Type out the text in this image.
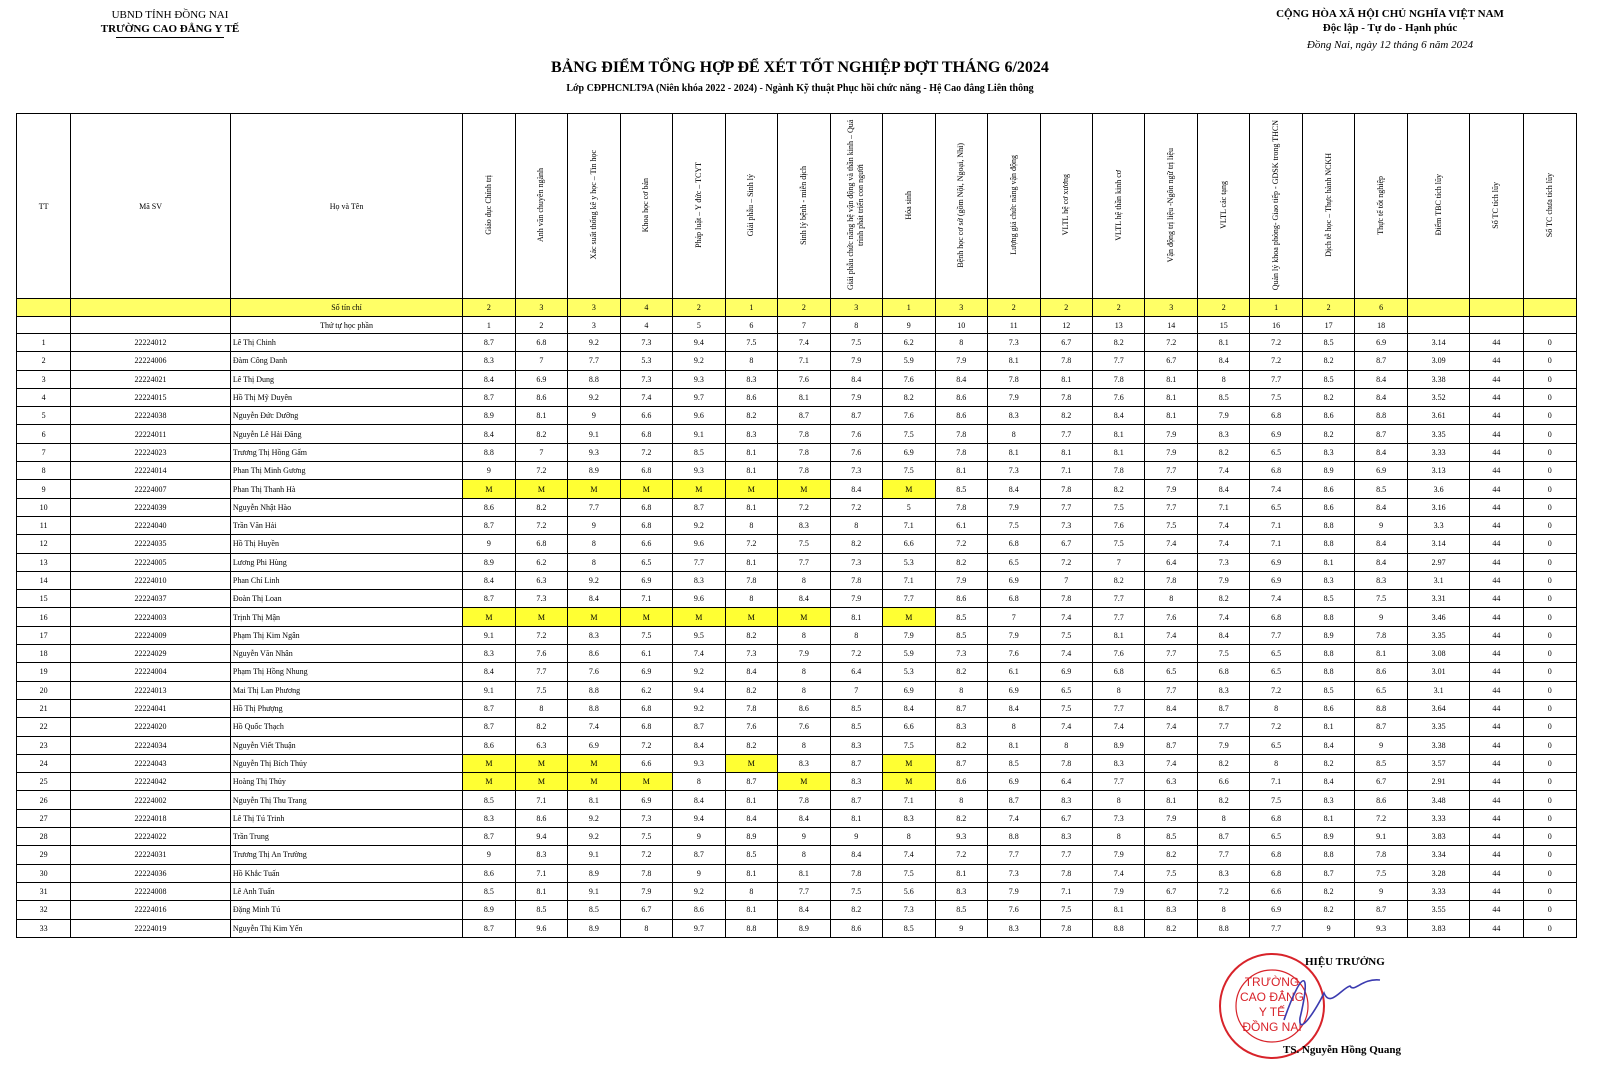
UBND TỈNH ĐỒNG NAI
TRƯỜNG CAO ĐẲNG Y TẾ
CỘNG HÒA XÃ HỘI CHỦ NGHĨA VIỆT NAM
Độc lập - Tự do - Hạnh phúc
Đồng Nai, ngày 12 tháng 6 năm 2024
BẢNG ĐIỂM TỔNG HỢP ĐỂ XÉT TỐT NGHIỆP ĐỢT THÁNG 6/2024
Lớp CĐPHCNLT9A (Niên khóa 2022 - 2024) - Ngành Kỹ thuật Phục hồi chức năng - Hệ Cao đẳng Liên thông
TT	Mã SV	Họ và Tên	Giáo dục Chính trị	Anh văn chuyên ngành	Xác suất thống kê y học – Tin học	Khoa học cơ bản	Pháp luật – Y đức – TCYT	Giải phẫu – Sinh lý	Sinh lý bệnh - miễn dịch	Giải phẫu chức năng hệ vận động và thần kinh – Quá trình phát triển con người	Hóa sinh	Bệnh học cơ sở (gồm Nội, Ngoại, Nhi)	Lượng giá chức năng vận động	VLTL hệ cơ xương	VLTL hệ thần kinh cơ	Vận động trị liệu -Ngôn ngữ trị liệu	VLTL các tạng	Quản lý khoa phòng- Giao tiếp - GDSK trong THCN	Dịch tễ học – Thực hành NCKH	Thực tế tốt nghiệp	Điểm TBC tích lũy	Số TC tích lũy	Số TC chưa tích lũy
		Số tín chỉ	2	3	3	4	2	1	2	3	1	3	2	2	2	3	2	1	2	6			
		Thứ tự học phần	1	2	3	4	5	6	7	8	9	10	11	12	13	14	15	16	17	18			
1	22224012	Lê Thị Chinh	8.7	6.8	9.2	7.3	9.4	7.5	7.4	7.5	6.2	8	7.3	6.7	8.2	7.2	8.1	7.2	8.5	6.9	3.14	44	0
2	22224006	Đàm Công Danh	8.3	7	7.7	5.3	9.2	8	7.1	7.9	5.9	7.9	8.1	7.8	7.7	6.7	8.4	7.2	8.2	8.7	3.09	44	0
3	22224021	Lê Thị Dung	8.4	6.9	8.8	7.3	9.3	8.3	7.6	8.4	7.6	8.4	7.8	8.1	7.8	8.1	8	7.7	8.5	8.4	3.38	44	0
4	22224015	Hồ Thị Mỹ Duyên	8.7	8.6	9.2	7.4	9.7	8.6	8.1	7.9	8.2	8.6	7.9	7.8	7.6	8.1	8.5	7.5	8.2	8.4	3.52	44	0
5	22224038	Nguyễn Đức Dưỡng	8.9	8.1	9	6.6	9.6	8.2	8.7	8.7	7.6	8.6	8.3	8.2	8.4	8.1	7.9	6.8	8.6	8.8	3.61	44	0
6	22224011	Nguyễn Lê Hải Đăng	8.4	8.2	9.1	6.8	9.1	8.3	7.8	7.6	7.5	7.8	8	7.7	8.1	7.9	8.3	6.9	8.2	8.7	3.35	44	0
7	22224023	Trương Thị Hồng Gấm	8.8	7	9.3	7.2	8.5	8.1	7.8	7.6	6.9	7.8	8.1	8.1	8.1	7.9	8.2	6.5	8.3	8.4	3.33	44	0
8	22224014	Phan Thị Minh Gương	9	7.2	8.9	6.8	9.3	8.1	7.8	7.3	7.5	8.1	7.3	7.1	7.8	7.7	7.4	6.8	8.9	6.9	3.13	44	0
9	22224007	Phan Thị Thanh Hà	M	M	M	M	M	M	M	8.4	M	8.5	8.4	7.8	8.2	7.9	8.4	7.4	8.6	8.5	3.6	44	0
10	22224039	Nguyễn Nhật Hào	8.6	8.2	7.7	6.8	8.7	8.1	7.2	7.2	5	7.8	7.9	7.7	7.5	7.7	7.1	6.5	8.6	8.4	3.16	44	0
11	22224040	Trần Văn Hải	8.7	7.2	9	6.8	9.2	8	8.3	8	7.1	6.1	7.5	7.3	7.6	7.5	7.4	7.1	8.8	9	3.3	44	0
12	22224035	Hồ Thị Huyền	9	6.8	8	6.6	9.6	7.2	7.5	8.2	6.6	7.2	6.8	6.7	7.5	7.4	7.4	7.1	8.8	8.4	3.14	44	0
13	22224005	Lương Phi Hùng	8.9	6.2	8	6.5	7.7	8.1	7.7	7.3	5.3	8.2	6.5	7.2	7	6.4	7.3	6.9	8.1	8.4	2.97	44	0
14	22224010	Phan Chí Linh	8.4	6.3	9.2	6.9	8.3	7.8	8	7.8	7.1	7.9	6.9	7	8.2	7.8	7.9	6.9	8.3	8.3	3.1	44	0
15	22224037	Đoàn Thị Loan	8.7	7.3	8.4	7.1	9.6	8	8.4	7.9	7.7	8.6	6.8	7.8	7.7	8	8.2	7.4	8.5	7.5	3.31	44	0
16	22224003	Trịnh Thị Mận	M	M	M	M	M	M	M	8.1	M	8.5	7	7.4	7.7	7.6	7.4	6.8	8.8	9	3.46	44	0
17	22224009	Phạm Thị Kim Ngân	9.1	7.2	8.3	7.5	9.5	8.2	8	8	7.9	8.5	7.9	7.5	8.1	7.4	8.4	7.7	8.9	7.8	3.35	44	0
18	22224029	Nguyễn Văn Nhân	8.3	7.6	8.6	6.1	7.4	7.3	7.9	7.2	5.9	7.3	7.6	7.4	7.6	7.7	7.5	6.5	8.8	8.1	3.08	44	0
19	22224004	Phạm Thị Hồng Nhung	8.4	7.7	7.6	6.9	9.2	8.4	8	6.4	5.3	8.2	6.1	6.9	6.8	6.5	6.8	6.5	8.8	8.6	3.01	44	0
20	22224013	Mai Thị Lan Phương	9.1	7.5	8.8	6.2	9.4	8.2	8	7	6.9	8	6.9	6.5	8	7.7	8.3	7.2	8.5	6.5	3.1	44	0
21	22224041	Hồ Thị Phượng	8.7	8	8.8	6.8	9.2	7.8	8.6	8.5	8.4	8.7	8.4	7.5	7.7	8.4	8.7	8	8.6	8.8	3.64	44	0
22	22224020	Hồ Quốc Thạch	8.7	8.2	7.4	6.8	8.7	7.6	7.6	8.5	6.6	8.3	8	7.4	7.4	7.4	7.7	7.2	8.1	8.7	3.35	44	0
23	22224034	Nguyễn Viết Thuận	8.6	6.3	6.9	7.2	8.4	8.2	8	8.3	7.5	8.2	8.1	8	8.9	8.7	7.9	6.5	8.4	9	3.38	44	0
24	22224043	Nguyễn Thị Bích Thủy	M	M	M	6.6	9.3	M	8.3	8.7	M	8.7	8.5	7.8	8.3	7.4	8.2	8	8.2	8.5	3.57	44	0
25	22224042	Hoàng Thị Thủy	M	M	M	M	8	8.7	M	8.3	M	8.6	6.9	6.4	7.7	6.3	6.6	7.1	8.4	6.7	2.91	44	0
26	22224002	Nguyễn Thị Thu Trang	8.5	7.1	8.1	6.9	8.4	8.1	7.8	8.7	7.1	8	8.7	8.3	8	8.1	8.2	7.5	8.3	8.6	3.48	44	0
27	22224018	Lê Thị Tú Trinh	8.3	8.6	9.2	7.3	9.4	8.4	8.4	8.1	8.3	8.2	7.4	6.7	7.3	7.9	8	6.8	8.1	7.2	3.33	44	0
28	22224022	Trần Trung	8.7	9.4	9.2	7.5	9	8.9	9	9	8	9.3	8.8	8.3	8	8.5	8.7	6.5	8.9	9.1	3.83	44	0
29	22224031	Trương Thị An Trường	9	8.3	9.1	7.2	8.7	8.5	8	8.4	7.4	7.2	7.7	7.7	7.9	8.2	7.7	6.8	8.8	7.8	3.34	44	0
30	22224036	Hồ Khắc Tuấn	8.6	7.1	8.9	7.8	9	8.1	8.1	7.8	7.5	8.1	7.3	7.8	7.4	7.5	8.3	6.8	8.7	7.5	3.28	44	0
31	22224008	Lê Anh Tuấn	8.5	8.1	9.1	7.9	9.2	8	7.7	7.5	5.6	8.3	7.9	7.1	7.9	6.7	7.2	6.6	8.2	9	3.33	44	0
32	22224016	Đặng Minh Tú	8.9	8.5	8.5	6.7	8.6	8.1	8.4	8.2	7.3	8.5	7.6	7.5	8.1	8.3	8	6.9	8.2	8.7	3.55	44	0
33	22224019	Nguyễn Thị Kim Yến	8.7	9.6	8.9	8	9.7	8.8	8.9	8.6	8.5	9	8.3	7.8	8.8	8.2	8.8	7.7	9	9.3	3.83	44	0
HIỆU TRƯỞNG
TRƯỜNG
CAO ĐẲNG
Y TẾ
ĐỒNG NAI
TS. Nguyễn Hồng Quang
